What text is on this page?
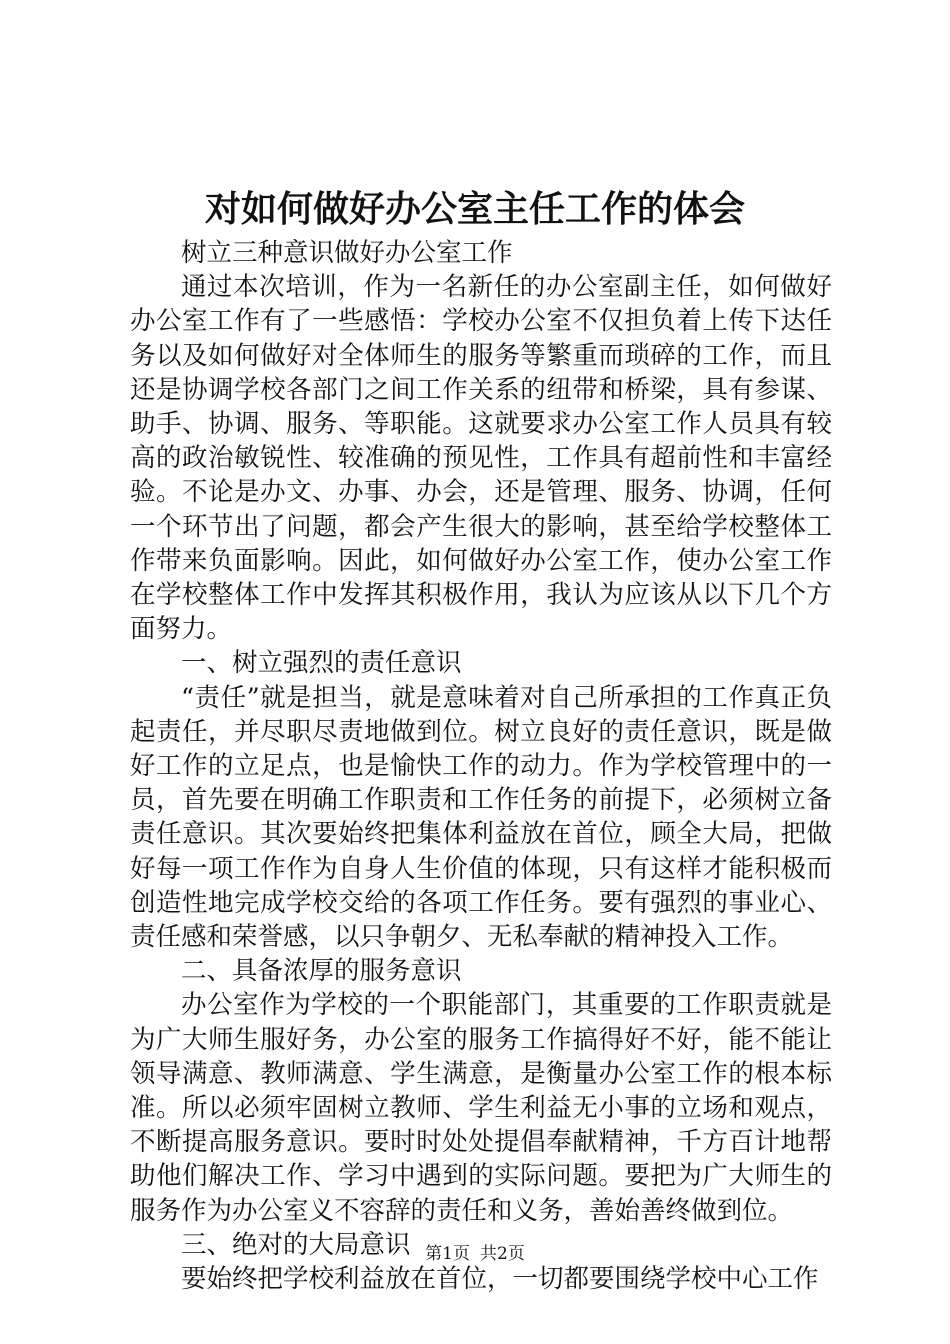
对如何做好办公室主任工作的体会

树立三种意识做好办公室工作

通过本次培训，作为一名新任的办公室副主任，如何做好办公室工作有了一些感悟：学校办公室不仅担负着上传下达任务以及如何做好对全体师生的服务等繁重而琐碎的工作，而且还是协调学校各部门之间工作关系的纽带和桥梁，具有参谋、助手、协调、服务、等职能。这就要求办公室工作人员具有较高的政治敏锐性、较准确的预见性，工作具有超前性和丰富经验。不论是办文、办事、办会，还是管理、服务、协调，任何一个环节出了问题，都会产生很大的影响，甚至给学校整体工作带来负面影响。因此，如何做好办公室工作，使办公室工作在学校整体工作中发挥其积极作用，我认为应该从以下几个方面努力。

一、树立强烈的责任意识

“责任”就是担当，就是意味着对自己所承担的工作真正负起责任，并尽职尽责地做到位。树立良好的责任意识，既是做好工作的立足点，也是愉快工作的动力。作为学校管理中的一员，首先要在明确工作职责和工作任务的前提下，必须树立备责任意识。其次要始终把集体利益放在首位，顾全大局，把做好每一项工作作为自身人生价值的体现，只有这样才能积极而创造性地完成学校交给的各项工作任务。要有强烈的事业心、责任感和荣誉感，以只争朝夕、无私奉献的精神投入工作。

二、具备浓厚的服务意识

办公室作为学校的一个职能部门，其重要的工作职责就是为广大师生服好务，办公室的服务工作搞得好不好，能不能让领导满意、教师满意、学生满意，是衡量办公室工作的根本标准。所以必须牢固树立教师、学生利益无小事的立场和观点，不断提高服务意识。要时时处处提倡奉献精神，千方百计地帮助他们解决工作、学习中遇到的实际问题。要把为广大师生的服务作为办公室义不容辞的责任和义务，善始善终做到位。

三、绝对的大局意识

要始终把学校利益放在首位，一切都要围绕学校中心工作

第1页 共2页
